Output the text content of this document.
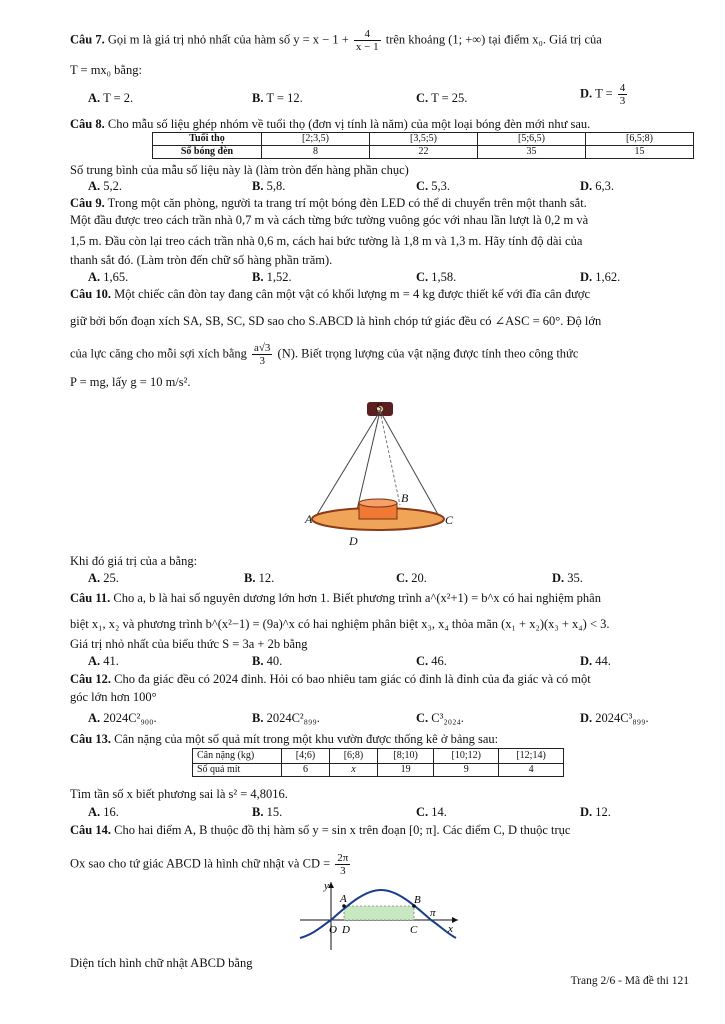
Câu 7. Gọi m là giá trị nhỏ nhất của hàm số $y = x - 1 + \frac{4}{x - 1}$ trên khoảng (1; +∞) tại điểm x₀. Giá trị của
T = mx₀ bằng:
A. T = 2.	B. T = 12.	C. T = 25.	D. $T = \frac{4}{3}$
Câu 8. Cho mẫu số liệu ghép nhóm về tuổi thọ (đơn vị tính là năm) của một loại bóng đèn mới như sau.
Tuổi thọ	[2;3,5)	[3,5;5)	[5;6,5)	[6,5;8)
Số bóng đèn	8	22	35	15
Số trung bình của mẫu số liệu này là (làm tròn đến hàng phần chục)
A. 5,2.	B. 5,8.	C. 5,3.	D. 6,3.
Câu 9. Trong một căn phòng, người ta trang trí một bóng đèn LED có thể di chuyển trên một thanh sắt.
Một đầu được treo cách trần nhà 0,7 m và cách từng bức tường vuông góc với nhau lần lượt là 0,2 m và
1,5 m. Đầu còn lại treo cách trần nhà 0,6 m, cách hai bức tường là 1,8 m và 1,3 m. Hãy tính độ dài của
thanh sắt đó. (Làm tròn đến chữ số hàng phần trăm).
A. 1,65.	B. 1,52.	C. 1,58.	D. 1,62.
Câu 10. Một chiếc cân đòn tay đang cân một vật có khối lượng m = 4 kg được thiết kế với đĩa cân được
giữ bởi bốn đoạn xích SA, SB, SC, SD sao cho S.ABCD là hình chóp tứ giác đều có ∠ASC = 60°. Độ lớn
của lực căng cho mỗi sợi xích bằng $\frac{a√3}{3} (N)$. Biết trọng lượng của vật nặng được tính theo công thức
P = mg, lấy g = 10 m/s².
S
A
B
C
D
Khi đó giá trị của a bằng:
A. 25.	B. 12.	C. 20.	D. 35.
Câu 11. Cho a, b là hai số nguyên dương lớn hơn 1. Biết phương trình a^(x²+1) = b^x có hai nghiệm phân
biệt x₁, x₂ và phương trình b^(x²−1) = (9a)^x có hai nghiệm phân biệt x₃, x₄ thỏa mãn (x₁ + x₂)(x₃ + x₄) < 3.
Giá trị nhỏ nhất của biểu thức S = 3a + 2b bằng
A. 41.	B. 40.	C. 46.	D. 44.
Câu 12. Cho đa giác đều có 2024 đỉnh. Hỏi có bao nhiêu tam giác có đỉnh là đỉnh của đa giác và có một
góc lớn hơn 100°
A. 2024C²₉₀₀.	B. 2024C²₈₉₉.	C. C³₂₀₂₄.	D. 2024C³₈₉₉.
Câu 13. Cân nặng của một số quả mít trong một khu vườn được thống kê ở bảng sau:
Cân nặng (kg)	[4;6)	[6;8)	[8;10)	[10;12)	[12;14)
Số quả mít	6	x	19	9	4
Tìm tần số x biết phương sai là s² = 4,8016.
A. 16.	B. 15.	C. 14.	D. 12.
Câu 14. Cho hai điểm A, B thuộc đồ thị hàm số y = sin x trên đoạn [0; π]. Các điểm C, D thuộc trục
Ox sao cho tứ giác ABCD là hình chữ nhật và CD = $\frac{2\pi}{3}$
y
x
O D	C
A	B
π
Diện tích hình chữ nhật ABCD bằng
Trang 2/6 - Mã đề thi 121
